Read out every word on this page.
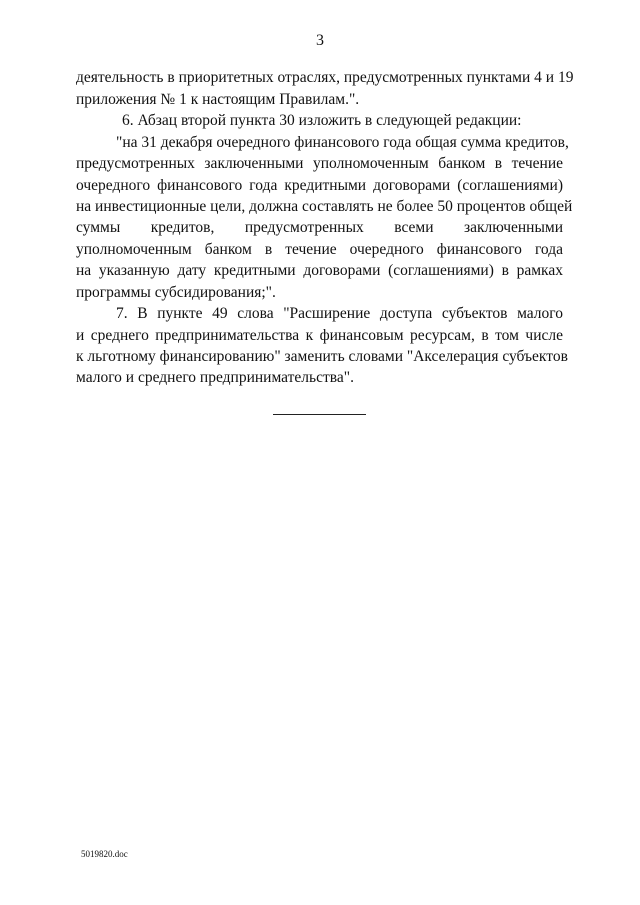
3
деятельность в приоритетных отраслях, предусмотренных пунктами 4 и 19
приложения № 1 к настоящим Правилам.".
6. Абзац второй пункта 30 изложить в следующей редакции:
"на 31 декабря очередного финансового года общая сумма кредитов,
предусмотренных заключенными уполномоченным банком в течение
очередного финансового года кредитными договорами (соглашениями)
на инвестиционные цели, должна составлять не более 50 процентов общей
суммы кредитов, предусмотренных всеми заключенными
уполномоченным банком в течение очередного финансового года
на указанную дату кредитными договорами (соглашениями) в рамках
программы субсидирования;".
7. В пункте 49 слова "Расширение доступа субъектов малого
и среднего предпринимательства к финансовым ресурсам, в том числе
к льготному финансированию" заменить словами "Акселерация субъектов
малого и среднего предпринимательства".
5019820.doc
